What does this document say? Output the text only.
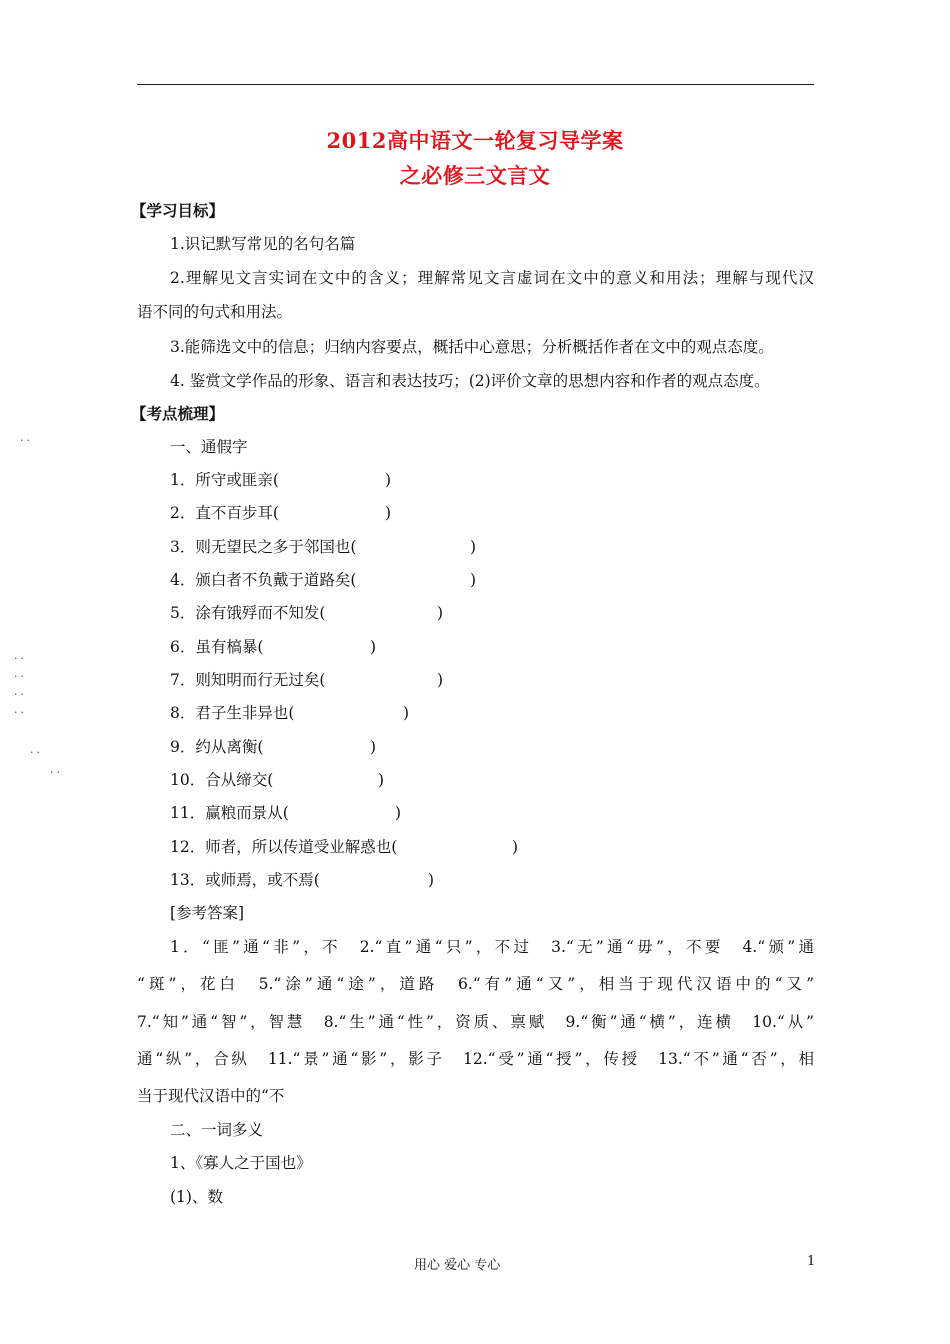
2012高中语文一轮复习导学案
之必修三文言文
【学习目标】
1.识记默写常见的名句名篇
2.理解见文言实词在文中的含义；理解常见文言虚词在文中的意义和用法；理解与现代汉
语不同的句式和用法。
3.能筛选文中的信息；归纳内容要点，概括中心意思；分析概括作者在文中的观点态度。
4. 鉴赏文学作品的形象、语言和表达技巧；(2)评价文章的思想内容和作者的观点态度。
【考点梳理】
一、通假字
1．所守或匪亲(	)
2．直不百步耳(	)
3．则无望民之多于邻国也(	)
4．颁白者不负戴于道路矣(	)
5．涂有饿殍而不知发(	)
6．虽有槁暴(	)
7．则知明而行无过矣(	)
8．君子生非异也(	)
9．约从离衡(	)
10．合从缔交(	)
11．赢粮而景从(	)
12．师者，所以传道受业解惑也(	)
13．或师焉，或不焉(	)
[参考答案]
1．“匪”通“非”，不　2.“直”通“只”，不过　3.“无”通“毋”，不要　4.“颁”通
“斑”，花白　5.“涂”通“途”，道路　6.“有”通“又”，相当于现代汉语中的“又”
7.“知”通“智”，智慧　8.“生”通“性”，资质、禀赋　9.“衡”通“横”，连横　10.“从”
通“纵”，合纵　11.“景”通“影”，影子　12.“受”通“授”，传授　13.“不”通“否”，相
当于现代汉语中的“不
二、一词多义
1、《寡人之于国也》
(1)、数
··
··
··
··
··
··
··
用心 爱心 专心	1
